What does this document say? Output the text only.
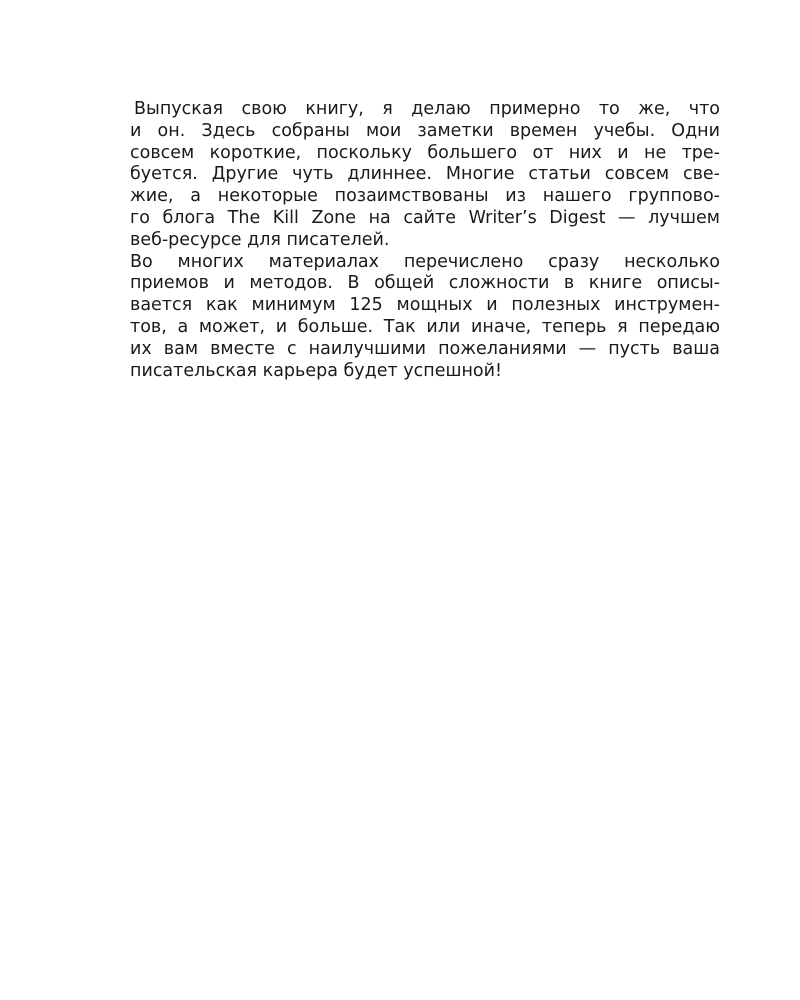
Выпуская свою книгу, я делаю примерно то же, что
и он. Здесь собраны мои заметки времен учебы. Одни
совсем короткие, поскольку большего от них и не тре-
буется. Другие чуть длиннее. Многие статьи совсем све-
жие, а некоторые позаимствованы из нашего группово-
го блога The Kill Zone на сайте Writer’s Digest — лучшем
веб-ресурсе для писателей.
Во многих материалах перечислено сразу несколько
приемов и методов. В общей сложности в книге описы-
вается как минимум 125 мощных и полезных инструмен-
тов, а может, и больше. Так или иначе, теперь я передаю
их вам вместе с наилучшими пожеланиями — пусть ваша
писательская карьера будет успешной!
